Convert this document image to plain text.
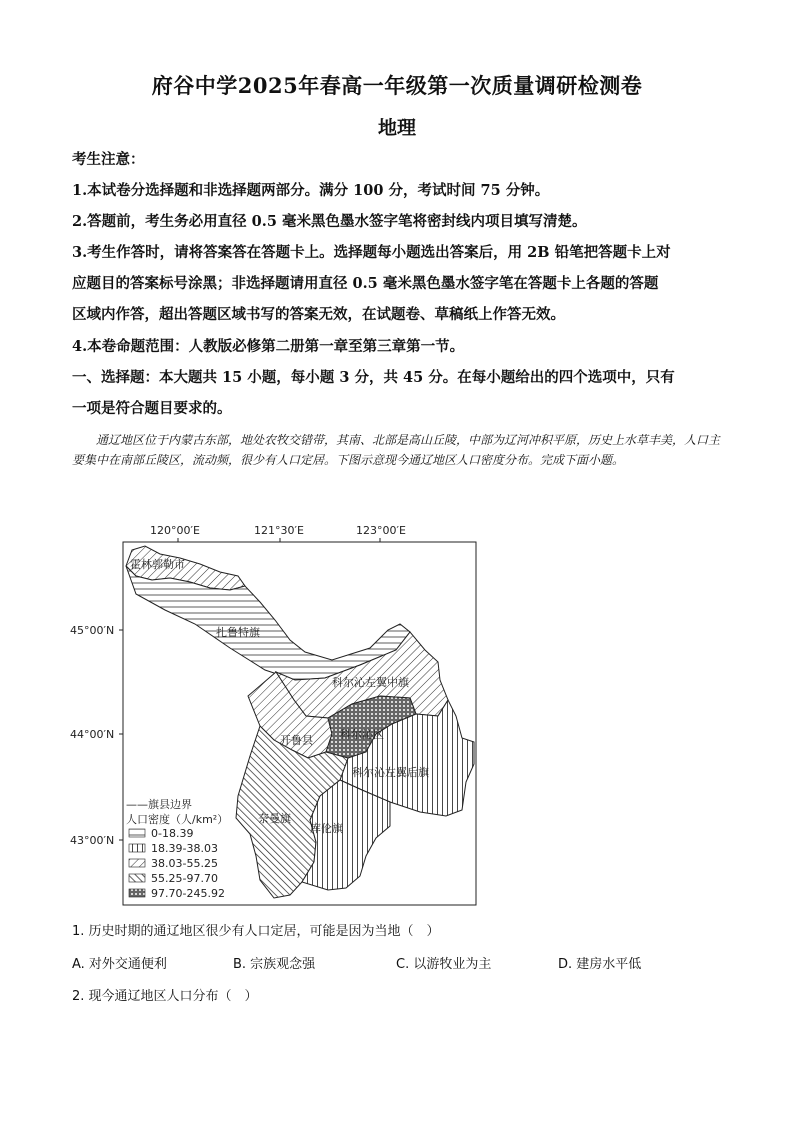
府谷中学2025年春高一年级第一次质量调研检测卷
地理
考生注意：
1.本试卷分选择题和非选择题两部分。满分 100 分，考试时间 75 分钟。
2.答题前，考生务必用直径 0.5 毫米黑色墨水签字笔将密封线内项目填写清楚。
3.考生作答时，请将答案答在答题卡上。选择题每小题选出答案后，用 2B 铅笔把答题卡上对
应题目的答案标号涂黑；非选择题请用直径 0.5 毫米黑色墨水签字笔在答题卡上各题的答题
区域内作答，超出答题区域书写的答案无效，在试题卷、草稿纸上作答无效。
4.本卷命题范围：人教版必修第二册第一章至第三章第一节。
一、选择题：本大题共 15 小题，每小题 3 分，共 45 分。在每小题给出的四个选项中，只有
一项是符合题目要求的。

通辽地区位于内蒙古东部，地处农牧交错带，其南、北部是高山丘陵，中部为辽河冲积平原，历史上水草丰美，人口主要集中在南部丘陵区，流动频，很少有人口定居。下图示意现今通辽地区人口密度分布。完成下面小题。

120°00′E	121°30′E	123°00′E
45°00′N
44°00′N
43°00′N
霍林郭勒市
扎鲁特旗
科尔沁左翼中旗
开鲁县 科尔沁区
科尔沁左翼后旗
奈曼旗
库伦旗
——旗县边界
人口密度（人/km²）
0-18.39
18.39-38.03
38.03-55.25
55.25-97.70
97.70-245.92
1. 历史时期的通辽地区很少有人口定居，可能是因为当地（　）
A. 对外交通便利	B. 宗族观念强	C. 以游牧业为主	D. 建房水平低
2. 现今通辽地区人口分布（　）
